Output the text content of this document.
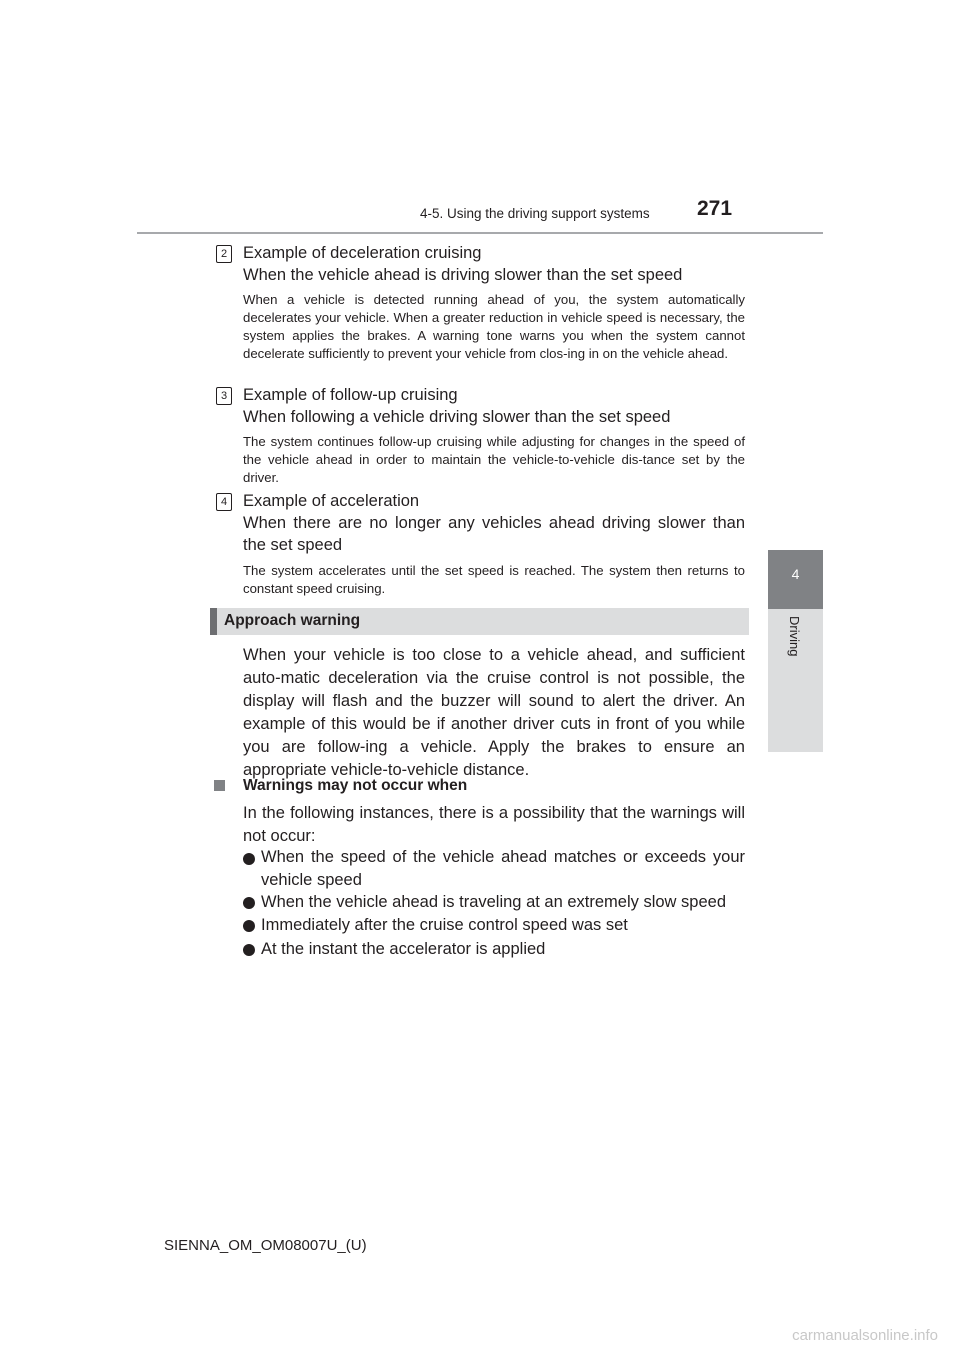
4-5. Using the driving support systems 271
4
Driving
2 Example of deceleration cruising
When the vehicle ahead is driving slower than the set speed
When a vehicle is detected running ahead of you, the system automatically decelerates your vehicle. When a greater reduction in vehicle speed is necessary, the system applies the brakes. A warning tone warns you when the system cannot decelerate sufficiently to prevent your vehicle from clos-ing in on the vehicle ahead.
3 Example of follow-up cruising
When following a vehicle driving slower than the set speed
The system continues follow-up cruising while adjusting for changes in the speed of the vehicle ahead in order to maintain the vehicle-to-vehicle dis-tance set by the driver.
4 Example of acceleration
When there are no longer any vehicles ahead driving slower than the set speed
The system accelerates until the set speed is reached. The system then returns to constant speed cruising.
Approach warning
When your vehicle is too close to a vehicle ahead, and sufficient auto-matic deceleration via the cruise control is not possible, the display will flash and the buzzer will sound to alert the driver. An example of this would be if another driver cuts in front of you while you are follow-ing a vehicle. Apply the brakes to ensure an appropriate vehicle-to-vehicle distance.
Warnings may not occur when
In the following instances, there is a possibility that the warnings will not occur:
When the speed of the vehicle ahead matches or exceeds your vehicle speed
When the vehicle ahead is traveling at an extremely slow speed
Immediately after the cruise control speed was set
At the instant the accelerator is applied
SIENNA_OM_OM08007U_(U)
carmanualsonline.info
